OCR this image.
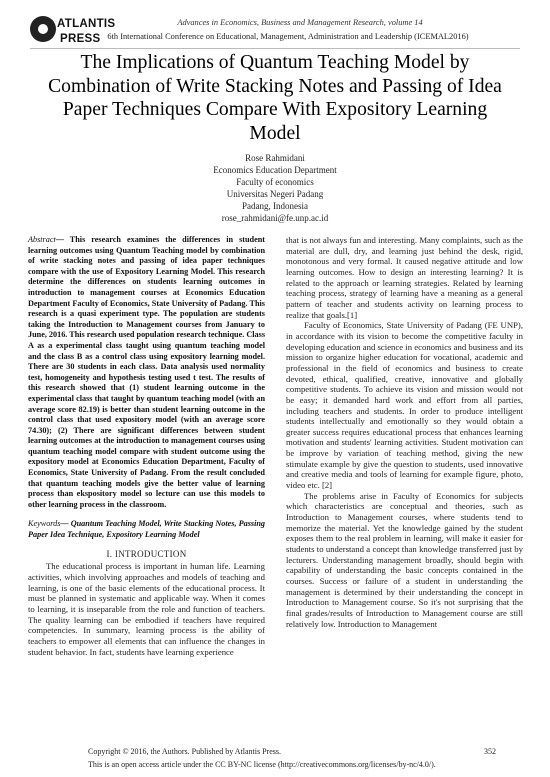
ATLANTIS
PRESS
Advances in Economics, Business and Management Research, volume 14
6th International Conference on Educational, Management, Administration and Leadership (ICEMAL2016)
The Implications of Quantum Teaching Model by Combination of Write Stacking Notes and Passing of Idea Paper Techniques Compare With Expository Learning Model
Rose Rahmidani
Economics Education Department
Faculty of economics
Universitas Negeri Padang
Padang, Indonesia
rose_rahmidani@fe.unp.ac.id

Abstract— This research examines the differences in student learning outcomes using Quantum Teaching model by combination of write stacking notes and passing of idea paper techniques compare with the use of Expository Learning Model. This research determine the differences on students learning outcomes in introduction to management courses at Economics Education Department Faculty of Economics, State University of Padang. This research is a quasi experiment type. The population are students taking the Introduction to Management courses from January to June, 2016. This research used population research technique. Class A as a experimental class taught using quantum teaching model and the class B as a control class using expository learning model. There are 30 students in each class. Data analysis used normality test, homogeneity and hypothesis testing used t test. The results of this research showed that (1) student learning outcome in the experimental class that taught by quantum teaching model (with an average score 82.19) is better than student learning outcome in the control class that used expository model (with an average score 74.30); (2) There are significant differences between student learning outcomes at the introduction to management courses using quantum teaching model compare with student outcome using the expository model at Economics Education Department, Faculty of Economics, State University of Padang. From the result concluded that quantum teaching models give the better value of learning process than ekspository model so lecture can use this models to other learning process in the classroom.

Keywords— Quantum Teaching Model, Write Stacking Notes, Passing Paper Idea Technique, Expository Learning Model
I. INTRODUCTION

The educational process is important in human life. Learning activities, which involving approaches and models of teaching and learning, is one of the basic elements of the educational process. It must be planned in systematic and applicable way. When it comes to learning, it is inseparable from the role and function of teachers. The quality learning can be embodied if teachers have required competencies. In summary, learning process is the ability of teachers to empower all elements that can influence the changes in student behavior. In fact, students have learning experience

that is not always fun and interesting. Many complaints, such as the material are dull, dry, and learning just behind the desk, rigid, monotonous and very formal. It caused negative attitude and low learning outcomes. How to design an interesting learning? It is related to the approach or learning strategies. Related by learning teaching process, strategy of learning have a meaning as a general pattern of teacher and students activity on learning process to realize that goals.[1]

Faculty of Economics, State University of Padang (FE UNP), in accordance with its vision to become the competitive faculty in developing education and science in economics and business and its mission to organize higher education for vocational, academic and professional in the field of economics and business to create devoted, ethical, qualified, creative, innovative and globally competitive students. To achieve its vision and mission would not be easy; it demanded hard work and effort from all parties, including teachers and students. In order to produce intelligent students intellectually and emotionally so they would obtain a greater success requires educational process that enhances learning motivation and students' learning activities. Student motivation can be improve by variation of teaching method, giving the new stimulate example by give the question to students, used innovative and creative media and tools of learning for example figure, photo, video etc. [2]

The problems arise in Faculty of Economics for subjects which characteristics are conceptual and theories, such as Introduction to Management courses, where students tend to memorize the material. Yet the knowledge gained by the student exposes them to the real problem in learning, will make it easier for students to understand a concept than knowledge transferred just by lecturers. Understanding management broadly, should begin with capability of understanding the basic concepts contained in the courses. Success or failure of a student in understanding the management is determined by their understanding the concept in Introduction to Management course. So it's not surprising that the final grades/results of Introduction to Management course are still relatively low. Introduction to Management

Copyright © 2016, the Authors. Published by Atlantis Press.	352
This is an open access article under the CC BY-NC license (http://creativecommons.org/licenses/by-nc/4.0/).
